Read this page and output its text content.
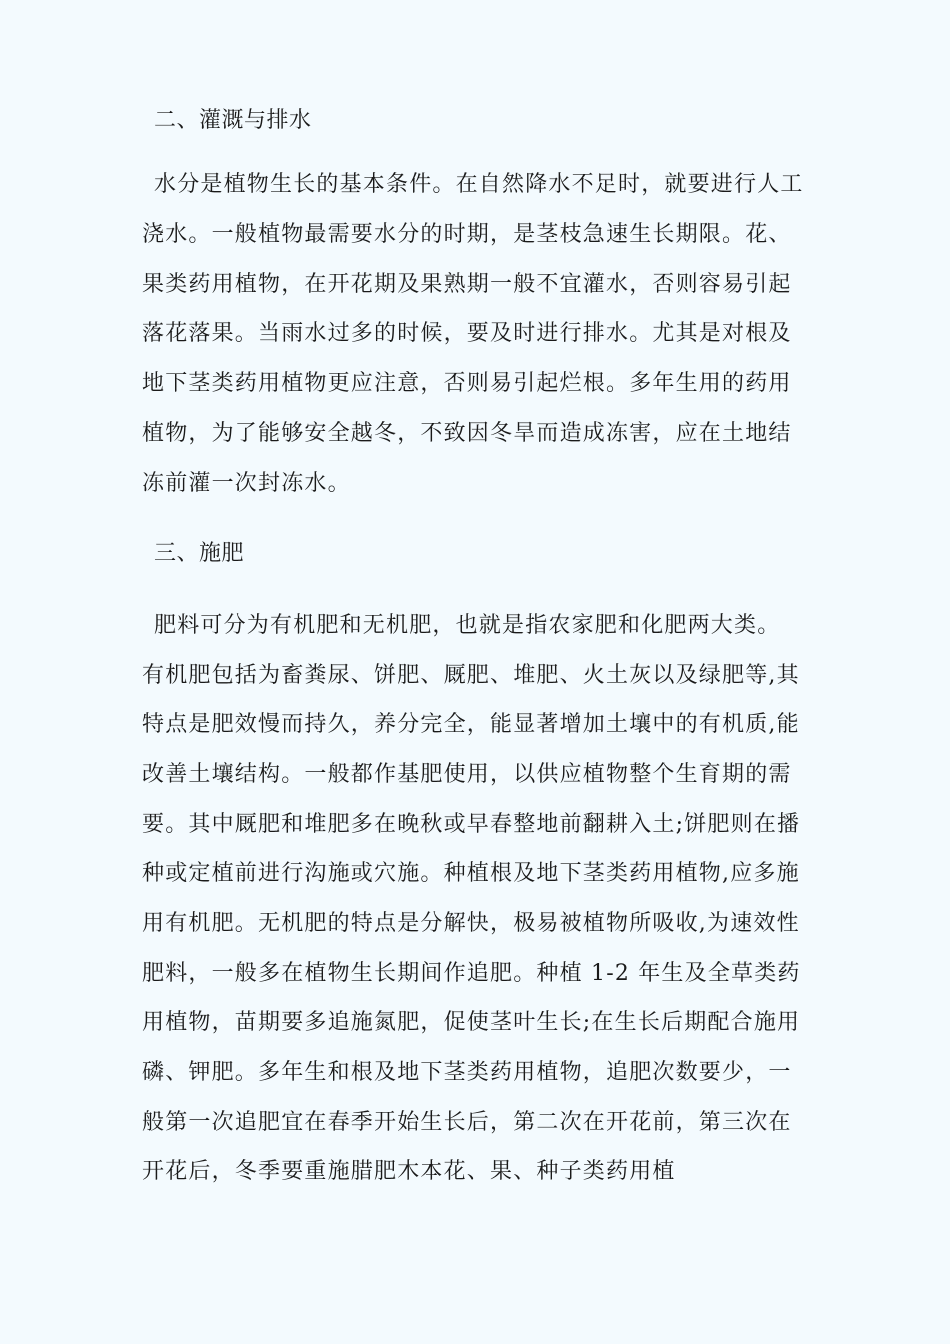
二、灌溉与排水
水分是植物生长的基本条件。在自然降水不足时，就要进行人工
浇水。一般植物最需要水分的时期，是茎枝急速生长期限。花、
果类药用植物，在开花期及果熟期一般不宜灌水，否则容易引起
落花落果。当雨水过多的时候，要及时进行排水。尤其是对根及
地下茎类药用植物更应注意，否则易引起烂根。多年生用的药用
植物，为了能够安全越冬，不致因冬旱而造成冻害，应在土地结
冻前灌一次封冻水。
三、施肥
肥料可分为有机肥和无机肥，也就是指农家肥和化肥两大类。
有机肥包括为畜粪尿、饼肥、厩肥、堆肥、火土灰以及绿肥等,其
特点是肥效慢而持久，养分完全，能显著增加土壤中的有机质,能
改善土壤结构。一般都作基肥使用，以供应植物整个生育期的需
要。其中厩肥和堆肥多在晚秋或早春整地前翻耕入土;饼肥则在播
种或定植前进行沟施或穴施。种植根及地下茎类药用植物,应多施
用有机肥。无机肥的特点是分解快，极易被植物所吸收,为速效性
肥料，一般多在植物生长期间作追肥。种植 1-2 年生及全草类药
用植物，苗期要多追施氮肥，促使茎叶生长;在生长后期配合施用
磷、钾肥。多年生和根及地下茎类药用植物，追肥次数要少，一
般第一次追肥宜在春季开始生长后，第二次在开花前，第三次在
开花后，冬季要重施腊肥木本花、果、种子类药用植
